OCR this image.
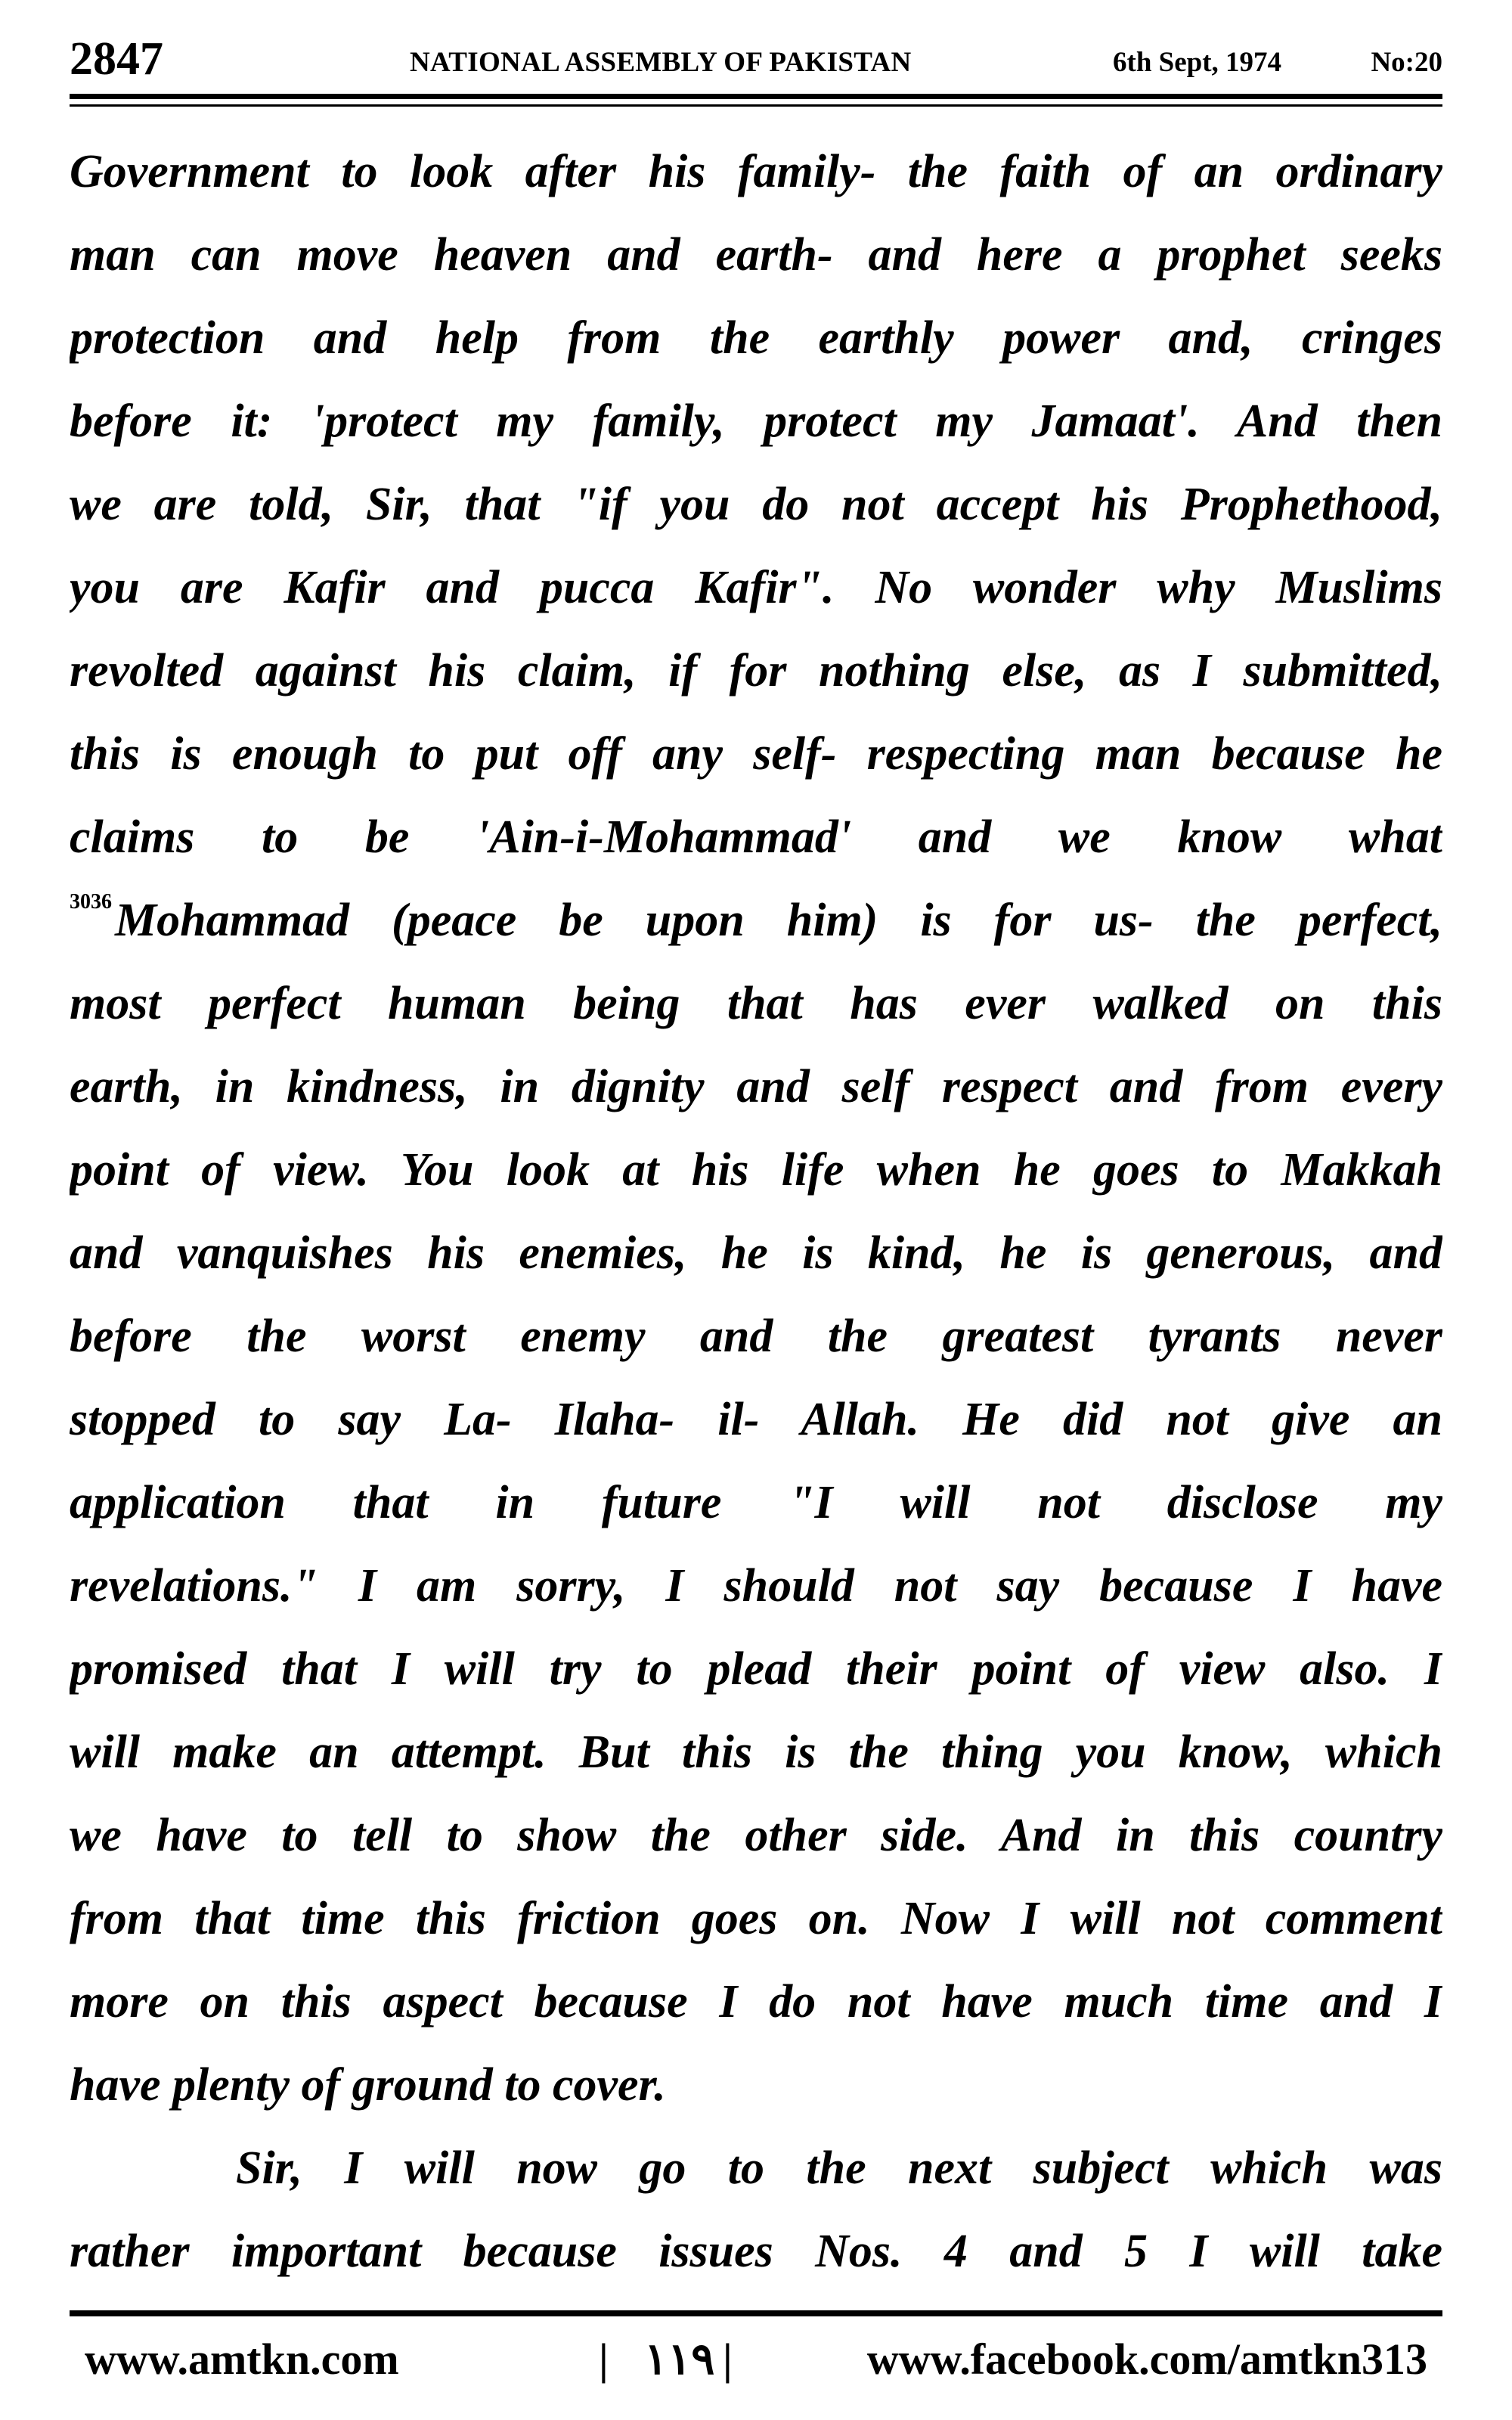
2847	NATIONAL ASSEMBLY OF PAKISTAN	6th Sept, 1974	No:20
Government to look after his family- the faith of an ordinary
man can move heaven and earth- and here a prophet seeks
protection and help from the earthly power and, cringes
before it: 'protect my family, protect my Jamaat'. And then
we are told, Sir, that "if you do not accept his Prophethood,
you are Kafir and pucca Kafir". No wonder why Muslims
revolted against his claim, if for nothing else, as I submitted,
this is enough to put off any self- respecting man because he
claims to be 'Ain-i-Mohammad' and we know what
$^{3036}$Mohammad (peace be upon him) is for us- the perfect,
most perfect human being that has ever walked on this
earth, in kindness, in dignity and self respect and from every
point of view. You look at his life when he goes to Makkah
and vanquishes his enemies, he is kind, he is generous, and
before the worst enemy and the greatest tyrants never
stopped to say La- Ilaha- il- Allah. He did not give an
application that in future "I will not disclose my
revelations." I am sorry, I should not say because I have
promised that I will try to plead their point of view also. I
will make an attempt. But this is the thing you know, which
we have to tell to show the other side. And in this country
from that time this friction goes on. Now I will not comment
more on this aspect because I do not have much time and I
have plenty of ground to cover.
Sir, I will now go to the next subject which was
rather important because issues Nos. 4 and 5 I will take
www.amtkn.com	| ۱۱۹ |	www.facebook.com/amtkn313
